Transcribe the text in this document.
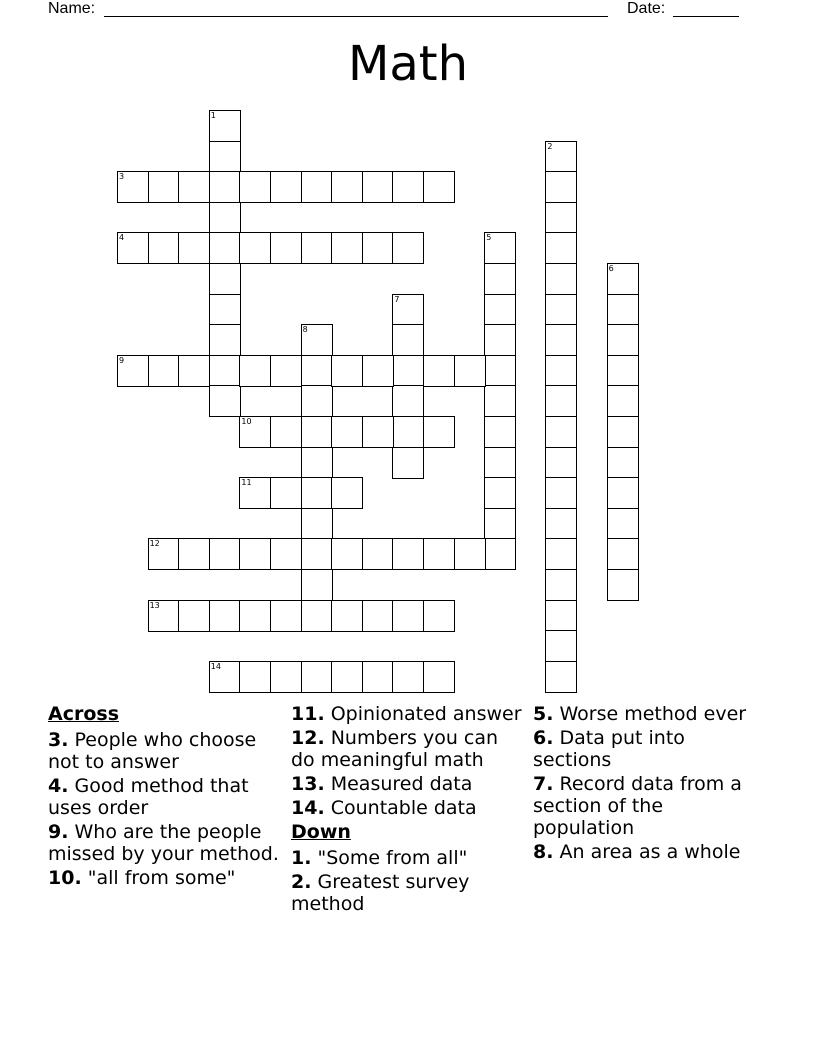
Name:	Date:
Math
1
2
3
4	5
6
7
8
9
10
11
12
13
14
Across
3. People who choose not to answer
4. Good method that uses order
9. Who are the people missed by your method.
10. "all from some"
11. Opinionated answer
12. Numbers you can do meaningful math
13. Measured data
14. Countable data
Down
1. "Some from all"
2. Greatest survey method
5. Worse method ever
6. Data put into sections
7. Record data from a section of the population
8. An area as a whole
